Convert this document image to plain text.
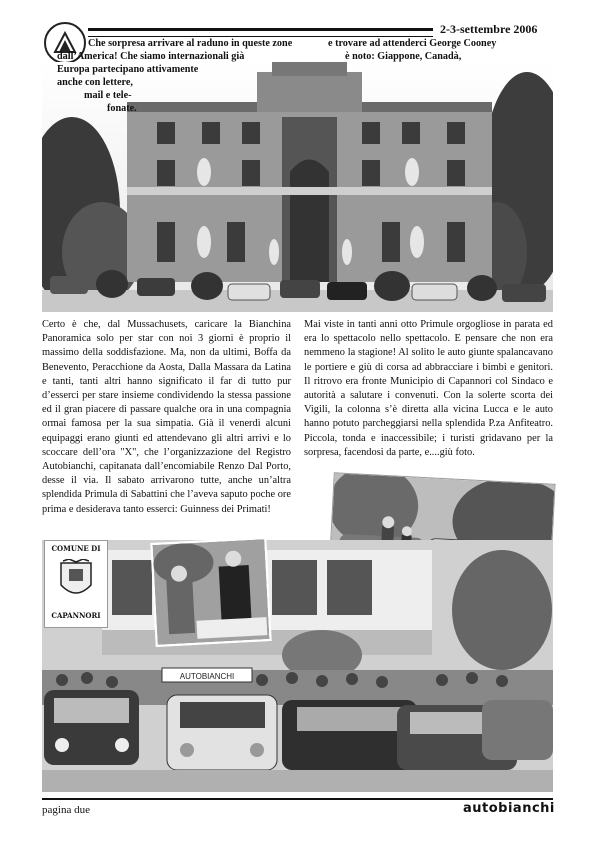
2-3-settembre 2006
Che sorpresa arrivare al raduno in queste zone	e trovare ad attenderci George Cooney
dall’America! Che siamo internazionali già	è noto: Giappone, Canadà,
Europa partecipano attivamente
anche con lettere,
mail e tele-
fonate.
Certo è che, dal Mussachusets, caricare la Bianchina Panoramica solo per star con noi 3 giorni è proprio il massimo della soddisfazione. Ma, non da ultimi, Boffa da Benevento, Peracchione da Aosta, Dalla Massara da Latina e tanti, tanti altri hanno significato il far di tutto pur d’esserci per stare insieme condividendo la stessa passione ed il gran piacere di passare qualche ora in una compagnia ormai famosa per la sua simpatia. Già il venerdì alcuni equipaggi erano giunti ed attendevano gli altri arrivi e lo scoccare dell’ora "X", che l’organizzazione del Registro Autobianchi, capitanata dall’encomiabile Renzo Dal Porto, desse il via. Il sabato arrivarono tutte, anche un’altra splendida Primula di Sabattini che l’aveva saputo poche ore prima e desiderava tanto esserci: Guinness dei Primati!
Mai viste in tanti anni otto Primule orgogliose in parata ed era lo spettacolo nello spettacolo. E pensare che non era nemmeno la stagione! Al solito le auto giunte spalancavano le portiere e giù di corsa ad abbracciare i bimbi e genitori. Il ritrovo era fronte Municipio di Capannori col Sindaco e autorità a salutare i convenuti. Con la solerte scorta dei Vigili, la colonna s’è diretta alla vicina Lucca e le auto hanno potuto parcheggiarsi nella splendida P.za Anfiteatro. Piccola, tonda e inaccessibile; i turisti gridavano per la sorpresa, facendosi da parte, e....giù foto.
AUTOBIANCHI
COMUNE DI
CAPANNORI
pagina due	autobianchi
